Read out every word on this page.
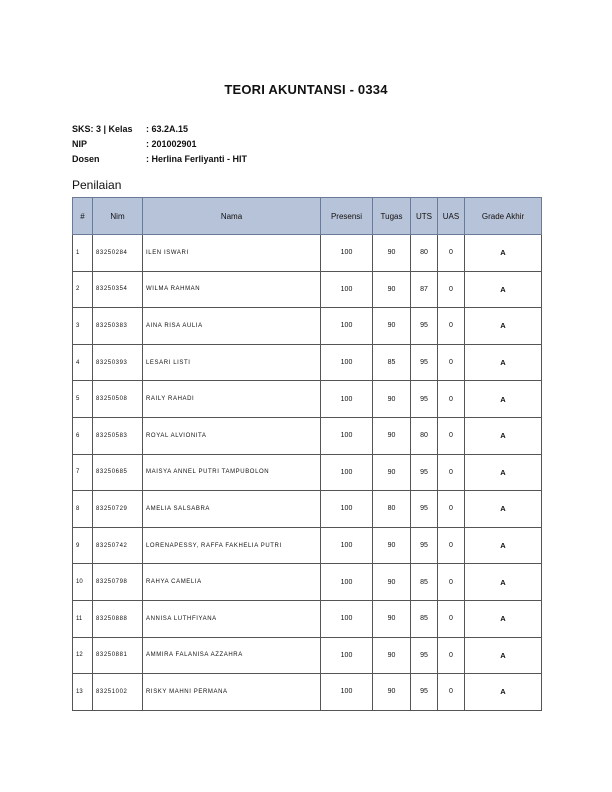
TEORI AKUNTANSI - 0334
SKS: 3 | Kelas	: 63.2A.15
NIP	: 201002901
Dosen	: Herlina Ferliyanti - HIT
Penilaian
#	Nim	Nama	Presensi	Tugas	UTS	UAS	Grade Akhir
1	83250284	ILEN ISWARI	100	90	80	0	A
2	83250354	WILMA RAHMAN	100	90	87	0	A
3	83250383	AINA RISA AULIA	100	90	95	0	A
4	83250393	LESARI LISTI	100	85	95	0	A
5	83250508	RAILY RAHADI	100	90	95	0	A
6	83250583	ROYAL ALVIONITA	100	90	80	0	A
7	83250685	MAISYA ANNEL PUTRI TAMPUBOLON	100	90	95	0	A
8	83250729	AMELIA SALSABRA	100	80	95	0	A
9	83250742	LORENAPESSY, RAFFA FAKHELIA PUTRI	100	90	95	0	A
10	83250798	RAHYA CAMELIA	100	90	85	0	A
11	83250888	ANNISA LUTHFIYANA	100	90	85	0	A
12	83250881	AMMIRA FALANISA AZZAHRA	100	90	95	0	A
13	83251002	RISKY MAHNI PERMANA	100	90	95	0	A
